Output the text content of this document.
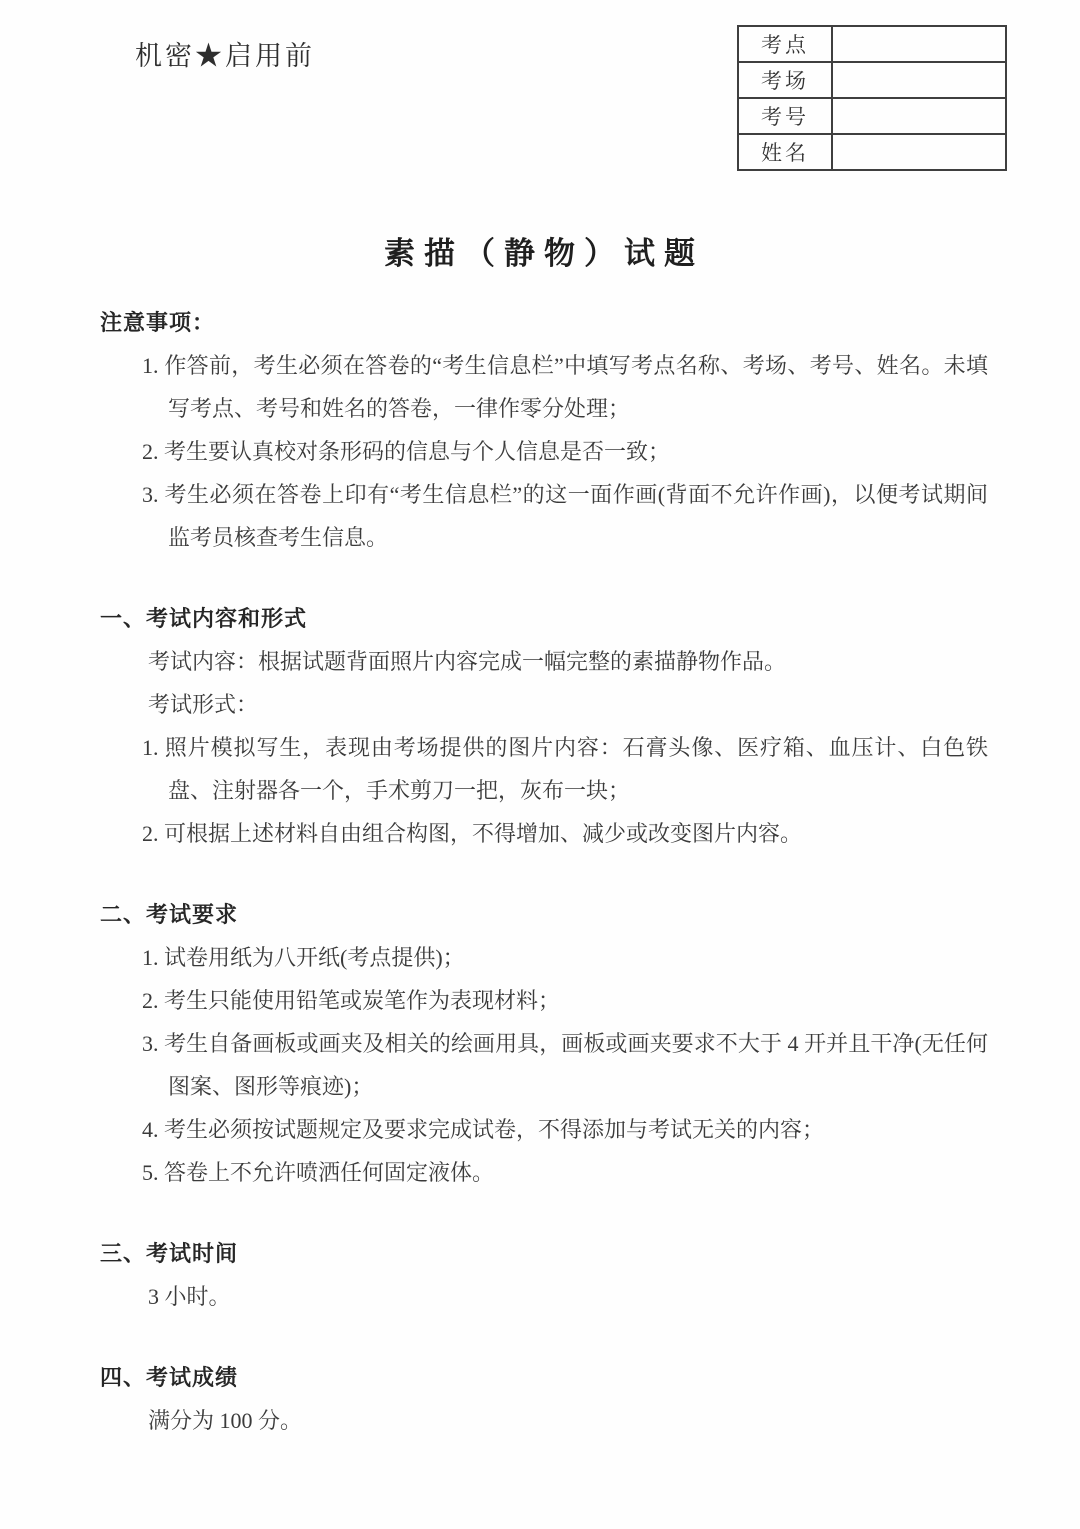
机密★启用前	考点	
考场	
考号	
姓名	
素描（静物）试题
注意事项：

1. 作答前，考生必须在答卷的“考生信息栏”中填写考点名称、考场、考号、姓名。未填写考点、考号和姓名的答卷，一律作零分处理；

2. 考生要认真校对条形码的信息与个人信息是否一致；

3. 考生必须在答卷上印有“考生信息栏”的这一面作画(背面不允许作画)，以便考试期间监考员核查考生信息。

一、考试内容和形式

考试内容：根据试题背面照片内容完成一幅完整的素描静物作品。

考试形式：

1. 照片模拟写生，表现由考场提供的图片内容：石膏头像、医疗箱、血压计、白色铁盘、注射器各一个，手术剪刀一把，灰布一块；

2. 可根据上述材料自由组合构图，不得增加、减少或改变图片内容。

二、考试要求

1. 试卷用纸为八开纸(考点提供)；

2. 考生只能使用铅笔或炭笔作为表现材料；

3. 考生自备画板或画夹及相关的绘画用具，画板或画夹要求不大于 4 开并且干净(无任何图案、图形等痕迹)；

4. 考生必须按试题规定及要求完成试卷，不得添加与考试无关的内容；

5. 答卷上不允许喷洒任何固定液体。

三、考试时间

3 小时。

四、考试成绩

满分为 100 分。
